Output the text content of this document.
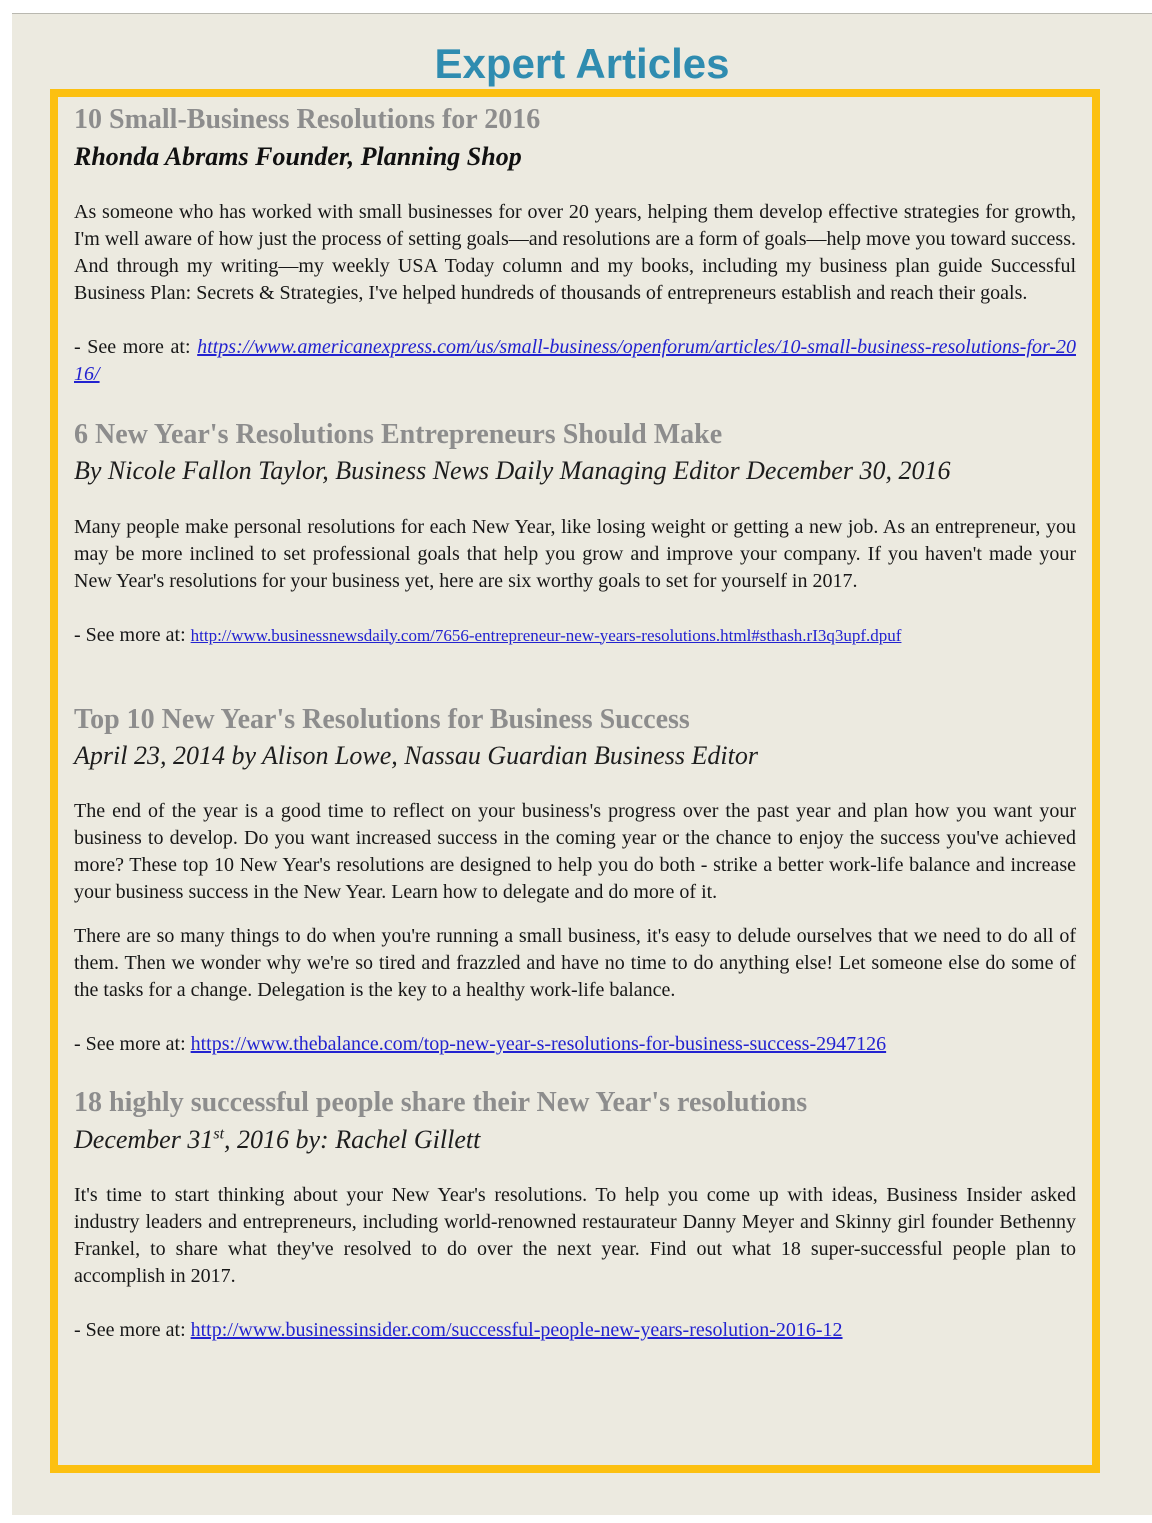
Expert Articles
10 Small-Business Resolutions for 2016

Rhonda Abrams Founder, Planning Shop

As someone who has worked with small businesses for over 20 years, helping them develop effective strategies for growth, I'm well aware of how just the process of setting goals—and resolutions are a form of goals—help move you toward success. And through my writing—my weekly USA Today column and my books, including my business plan guide Successful Business Plan: Secrets & Strategies, I've helped hundreds of thousands of entrepreneurs establish and reach their goals.

- See more at: https://www.americanexpress.com/us/small-business/openforum/articles/10-small-business-resolutions-for-2016/

6 New Year's Resolutions Entrepreneurs Should Make

By Nicole Fallon Taylor, Business News Daily Managing Editor December 30, 2016

Many people make personal resolutions for each New Year, like losing weight or getting a new job. As an entrepreneur, you may be more inclined to set professional goals that help you grow and improve your company. If you haven't made your New Year's resolutions for your business yet, here are six worthy goals to set for yourself in 2017.

- See more at: http://www.businessnewsdaily.com/7656-entrepreneur-new-years-resolutions.html#sthash.rI3q3upf.dpuf

Top 10 New Year's Resolutions for Business Success

April 23, 2014 by Alison Lowe, Nassau Guardian Business Editor

The end of the year is a good time to reflect on your business's progress over the past year and plan how you want your business to develop. Do you want increased success in the coming year or the chance to enjoy the success you've achieved more? These top 10 New Year's resolutions are designed to help you do both - strike a better work-life balance and increase your business success in the New Year. Learn how to delegate and do more of it.

There are so many things to do when you're running a small business, it's easy to delude ourselves that we need to do all of them. Then we wonder why we're so tired and frazzled and have no time to do anything else! Let someone else do some of the tasks for a change. Delegation is the key to a healthy work-life balance.

- See more at: https://www.thebalance.com/top-new-year-s-resolutions-for-business-success-2947126

18 highly successful people share their New Year's resolutions

December 31st, 2016 by: Rachel Gillett

It's time to start thinking about your New Year's resolutions. To help you come up with ideas, Business Insider asked industry leaders and entrepreneurs, including world-renowned restaurateur Danny Meyer and Skinny girl founder Bethenny Frankel, to share what they've resolved to do over the next year. Find out what 18 super-successful people plan to accomplish in 2017.

- See more at: http://www.businessinsider.com/successful-people-new-years-resolution-2016-12
